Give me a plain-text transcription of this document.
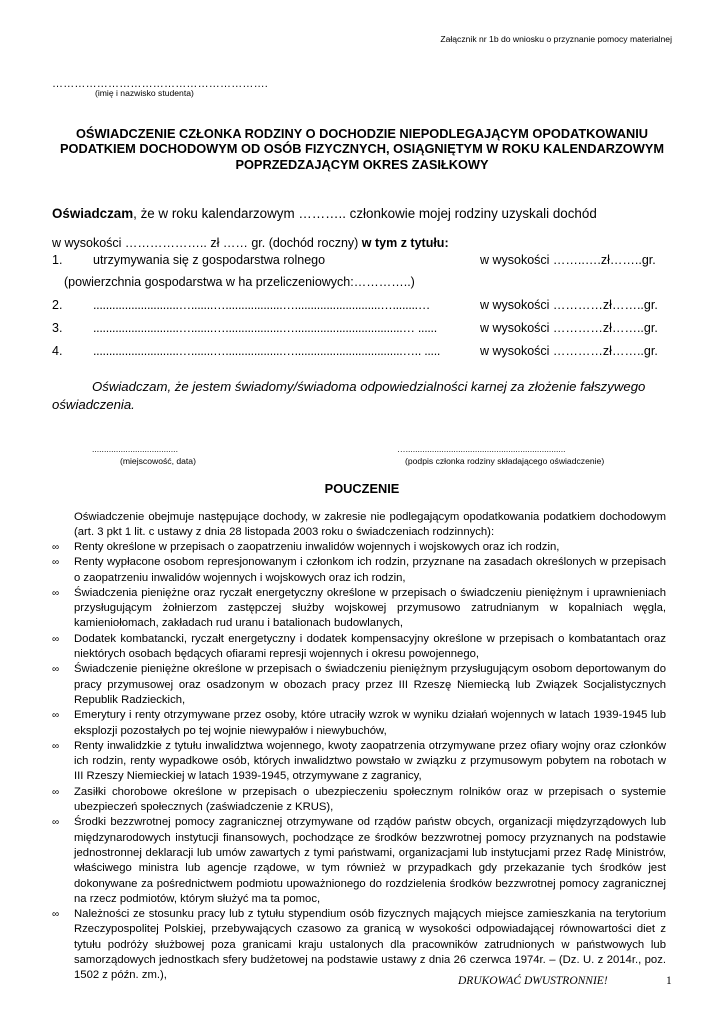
Załącznik nr 1b do wniosku o przyznanie pomocy materialnej
………………………………………………….
(imię i nazwisko studenta)
OŚWIADCZENIE CZŁONKA RODZINY O DOCHODZIE NIEPODLEGAJĄCYM OPODATKOWANIU PODATKIEM DOCHODOWYM OD OSÓB FIZYCZNYCH, OSIĄGNIĘTYM W ROKU KALENDARZOWYM POPRZEDZAJĄCYM OKRES ZASIŁKOWY
Oświadczam, że w roku kalendarzowym ……….. członkowie mojej rodziny uzyskali dochód
w wysokości ……………….. zł …… gr. (dochód roczny) w tym z tytułu:
1. utrzymywania się z gospodarstwa rolnego	w wysokości ……..….zł……..gr.
(powierzchnia gospodarstwa w ha przeliczeniowych:…………..)
2. ...........................….......…..................…...........................…........…	w wysokości …………zł……..gr.
3. ...........................….......…..................…..................................… ......	w wysokości …………zł……..gr.
4. ...........................….......…..................…..................................….. .....	w wysokości …………zł……..gr.
Oświadczam, że jestem świadomy/świadoma odpowiedzialności karnej za złożenie fałszywego oświadczenia.
....................................	…...................................................................
(miejscowość, data)	(podpis członka rodziny składającego oświadczenie)
POUCZENIE
Oświadczenie obejmuje następujące dochody, w zakresie nie podlegającym opodatkowania podatkiem dochodowym (art. 3 pkt 1 lit. c ustawy z dnia 28 listopada 2003 roku o świadczeniach rodzinnych):
∞ Renty określone w przepisach o zaopatrzeniu inwalidów wojennych i wojskowych oraz ich rodzin,
∞ Renty wypłacone osobom represjonowanym i członkom ich rodzin, przyznane na zasadach określonych w przepisach o zaopatrzeniu inwalidów wojennych i wojskowych oraz ich rodzin,
∞ Świadczenia pieniężne oraz ryczałt energetyczny określone w przepisach o świadczeniu pieniężnym i uprawnieniach przysługującym żołnierzom zastępczej służby wojskowej przymusowo zatrudnianym w kopalniach węgla, kamieniołomach, zakładach rud uranu i batalionach budowlanych,
∞ Dodatek kombatancki, ryczałt energetyczny i dodatek kompensacyjny określone w przepisach o kombatantach oraz niektórych osobach będących ofiarami represji wojennych i okresu powojennego,
∞ Świadczenie pieniężne określone w przepisach o świadczeniu pieniężnym przysługującym osobom deportowanym do pracy przymusowej oraz osadzonym w obozach pracy przez III Rzeszę Niemiecką lub Związek Socjalistycznych Republik Radzieckich,
∞ Emerytury i renty otrzymywane przez osoby, które utraciły wzrok w wyniku działań wojennych w latach 1939-1945 lub eksplozji pozostałych po tej wojnie niewypałów i niewybuchów,
∞ Renty inwalidzkie z tytułu inwalidztwa wojennego, kwoty zaopatrzenia otrzymywane przez ofiary wojny oraz członków ich rodzin, renty wypadkowe osób, których inwalidztwo powstało w związku z przymusowym pobytem na robotach w III Rzeszy Niemieckiej w latach 1939-1945, otrzymywane z zagranicy,
∞ Zasiłki chorobowe określone w przepisach o ubezpieczeniu społecznym rolników oraz w przepisach o systemie ubezpieczeń społecznych (zaświadczenie z KRUS),
∞ Środki bezzwrotnej pomocy zagranicznej otrzymywane od rządów państw obcych, organizacji międzyrządowych lub międzynarodowych instytucji finansowych, pochodzące ze środków bezzwrotnej pomocy przyznanych na podstawie jednostronnej deklaracji lub umów zawartych z tymi państwami, organizacjami lub instytucjami przez Radę Ministrów, właściwego ministra lub agencje rządowe, w tym również w przypadkach gdy przekazanie tych środków jest dokonywane za pośrednictwem podmiotu upoważnionego do rozdzielenia środków bezzwrotnej pomocy zagranicznej na rzecz podmiotów, którym służyć ma ta pomoc,
∞ Należności ze stosunku pracy lub z tytułu stypendium osób fizycznych mających miejsce zamieszkania na terytorium Rzeczypospolitej Polskiej, przebywających czasowo za granicą w wysokości odpowiadającej równowartości diet z tytułu podróży służbowej poza granicami kraju ustalonych dla pracowników zatrudnionych w państwowych lub samorządowych jednostkach sfery budżetowej na podstawie ustawy z dnia 26 czerwca 1974r. – (Dz. U. z 2014r., poz. 1502 z późn. zm.),	DRUKOWAĆ DWUSTRONNIE!	1
